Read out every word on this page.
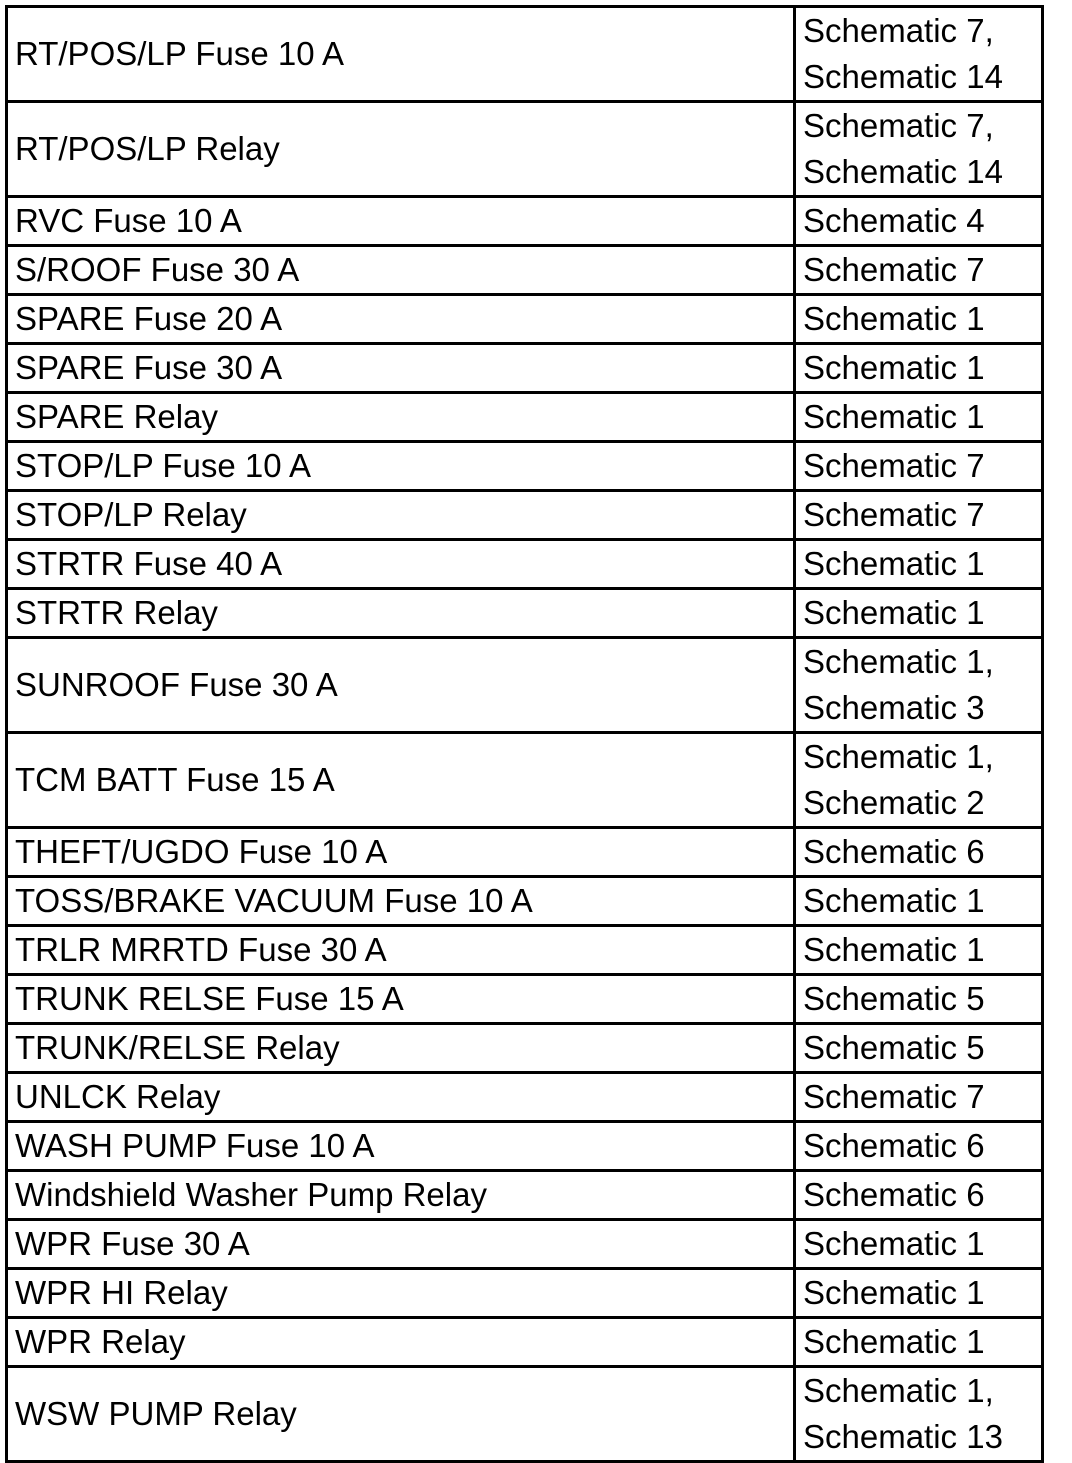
RT/POS/LP Fuse 10 A	Schematic 7,
Schematic 14

RT/POS/LP Relay	Schematic 7,
Schematic 14

RVC Fuse 10 A	Schematic 4

S/ROOF Fuse 30 A	Schematic 7

SPARE Fuse 20 A	Schematic 1

SPARE Fuse 30 A	Schematic 1

SPARE Relay	Schematic 1

STOP/LP Fuse 10 A	Schematic 7

STOP/LP Relay	Schematic 7

STRTR Fuse 40 A	Schematic 1

STRTR Relay	Schematic 1

SUNROOF Fuse 30 A	Schematic 1,
Schematic 3

TCM BATT Fuse 15 A	Schematic 1,
Schematic 2

THEFT/UGDO Fuse 10 A	Schematic 6

TOSS/BRAKE VACUUM Fuse 10 A	Schematic 1

TRLR MRRTD Fuse 30 A	Schematic 1

TRUNK RELSE Fuse 15 A	Schematic 5

TRUNK/RELSE Relay	Schematic 5

UNLCK Relay	Schematic 7

WASH PUMP Fuse 10 A	Schematic 6

Windshield Washer Pump Relay	Schematic 6

WPR Fuse 30 A	Schematic 1

WPR HI Relay	Schematic 1

WPR Relay	Schematic 1

WSW PUMP Relay	Schematic 1,
Schematic 13
